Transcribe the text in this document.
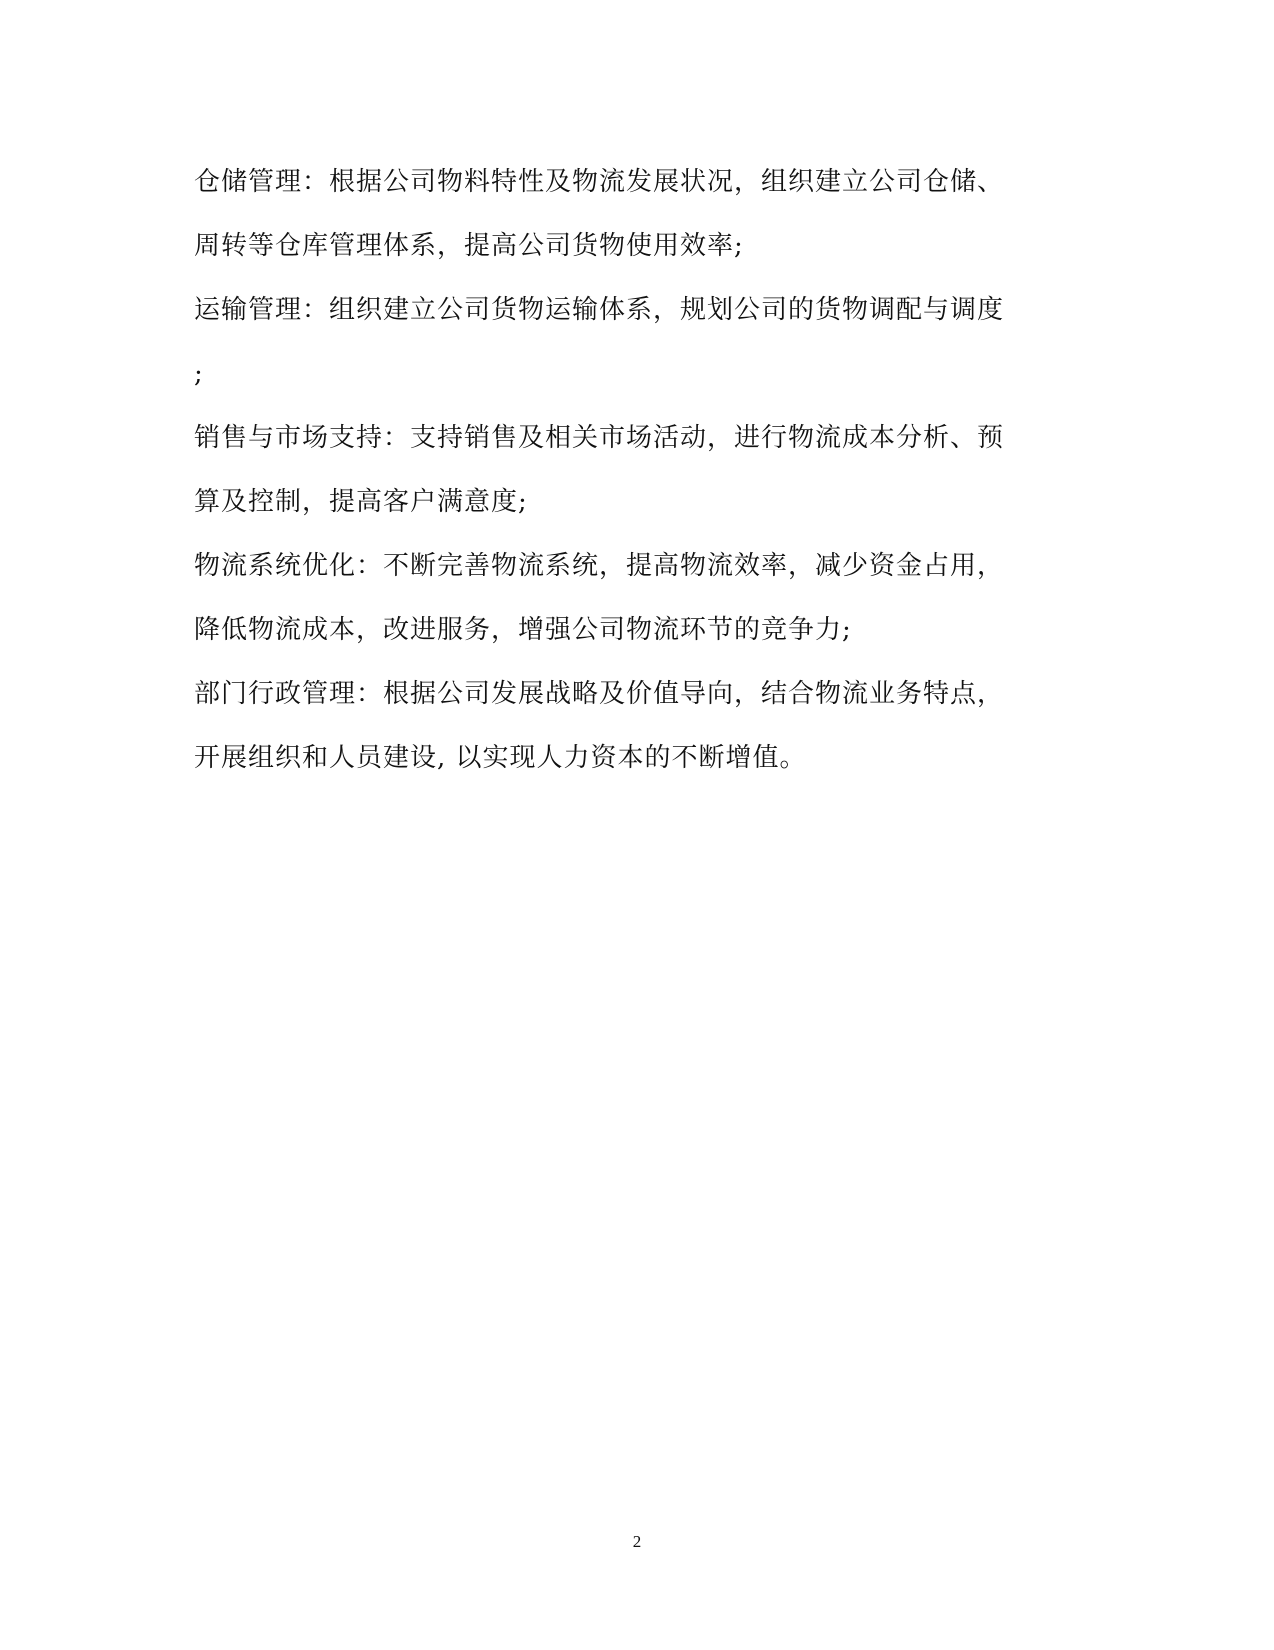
仓储管理：根据公司物料特性及物流发展状况，组织建立公司仓储、
周转等仓库管理体系，提高公司货物使用效率;
运输管理：组织建立公司货物运输体系，规划公司的货物调配与调度
;
销售与市场支持：支持销售及相关市场活动，进行物流成本分析、预
算及控制，提高客户满意度;
物流系统优化：不断完善物流系统，提高物流效率，减少资金占用，
降低物流成本，改进服务，增强公司物流环节的竞争力;
部门行政管理：根据公司发展战略及价值导向，结合物流业务特点，
开展组织和人员建设, 以实现人力资本的不断增值。
2
